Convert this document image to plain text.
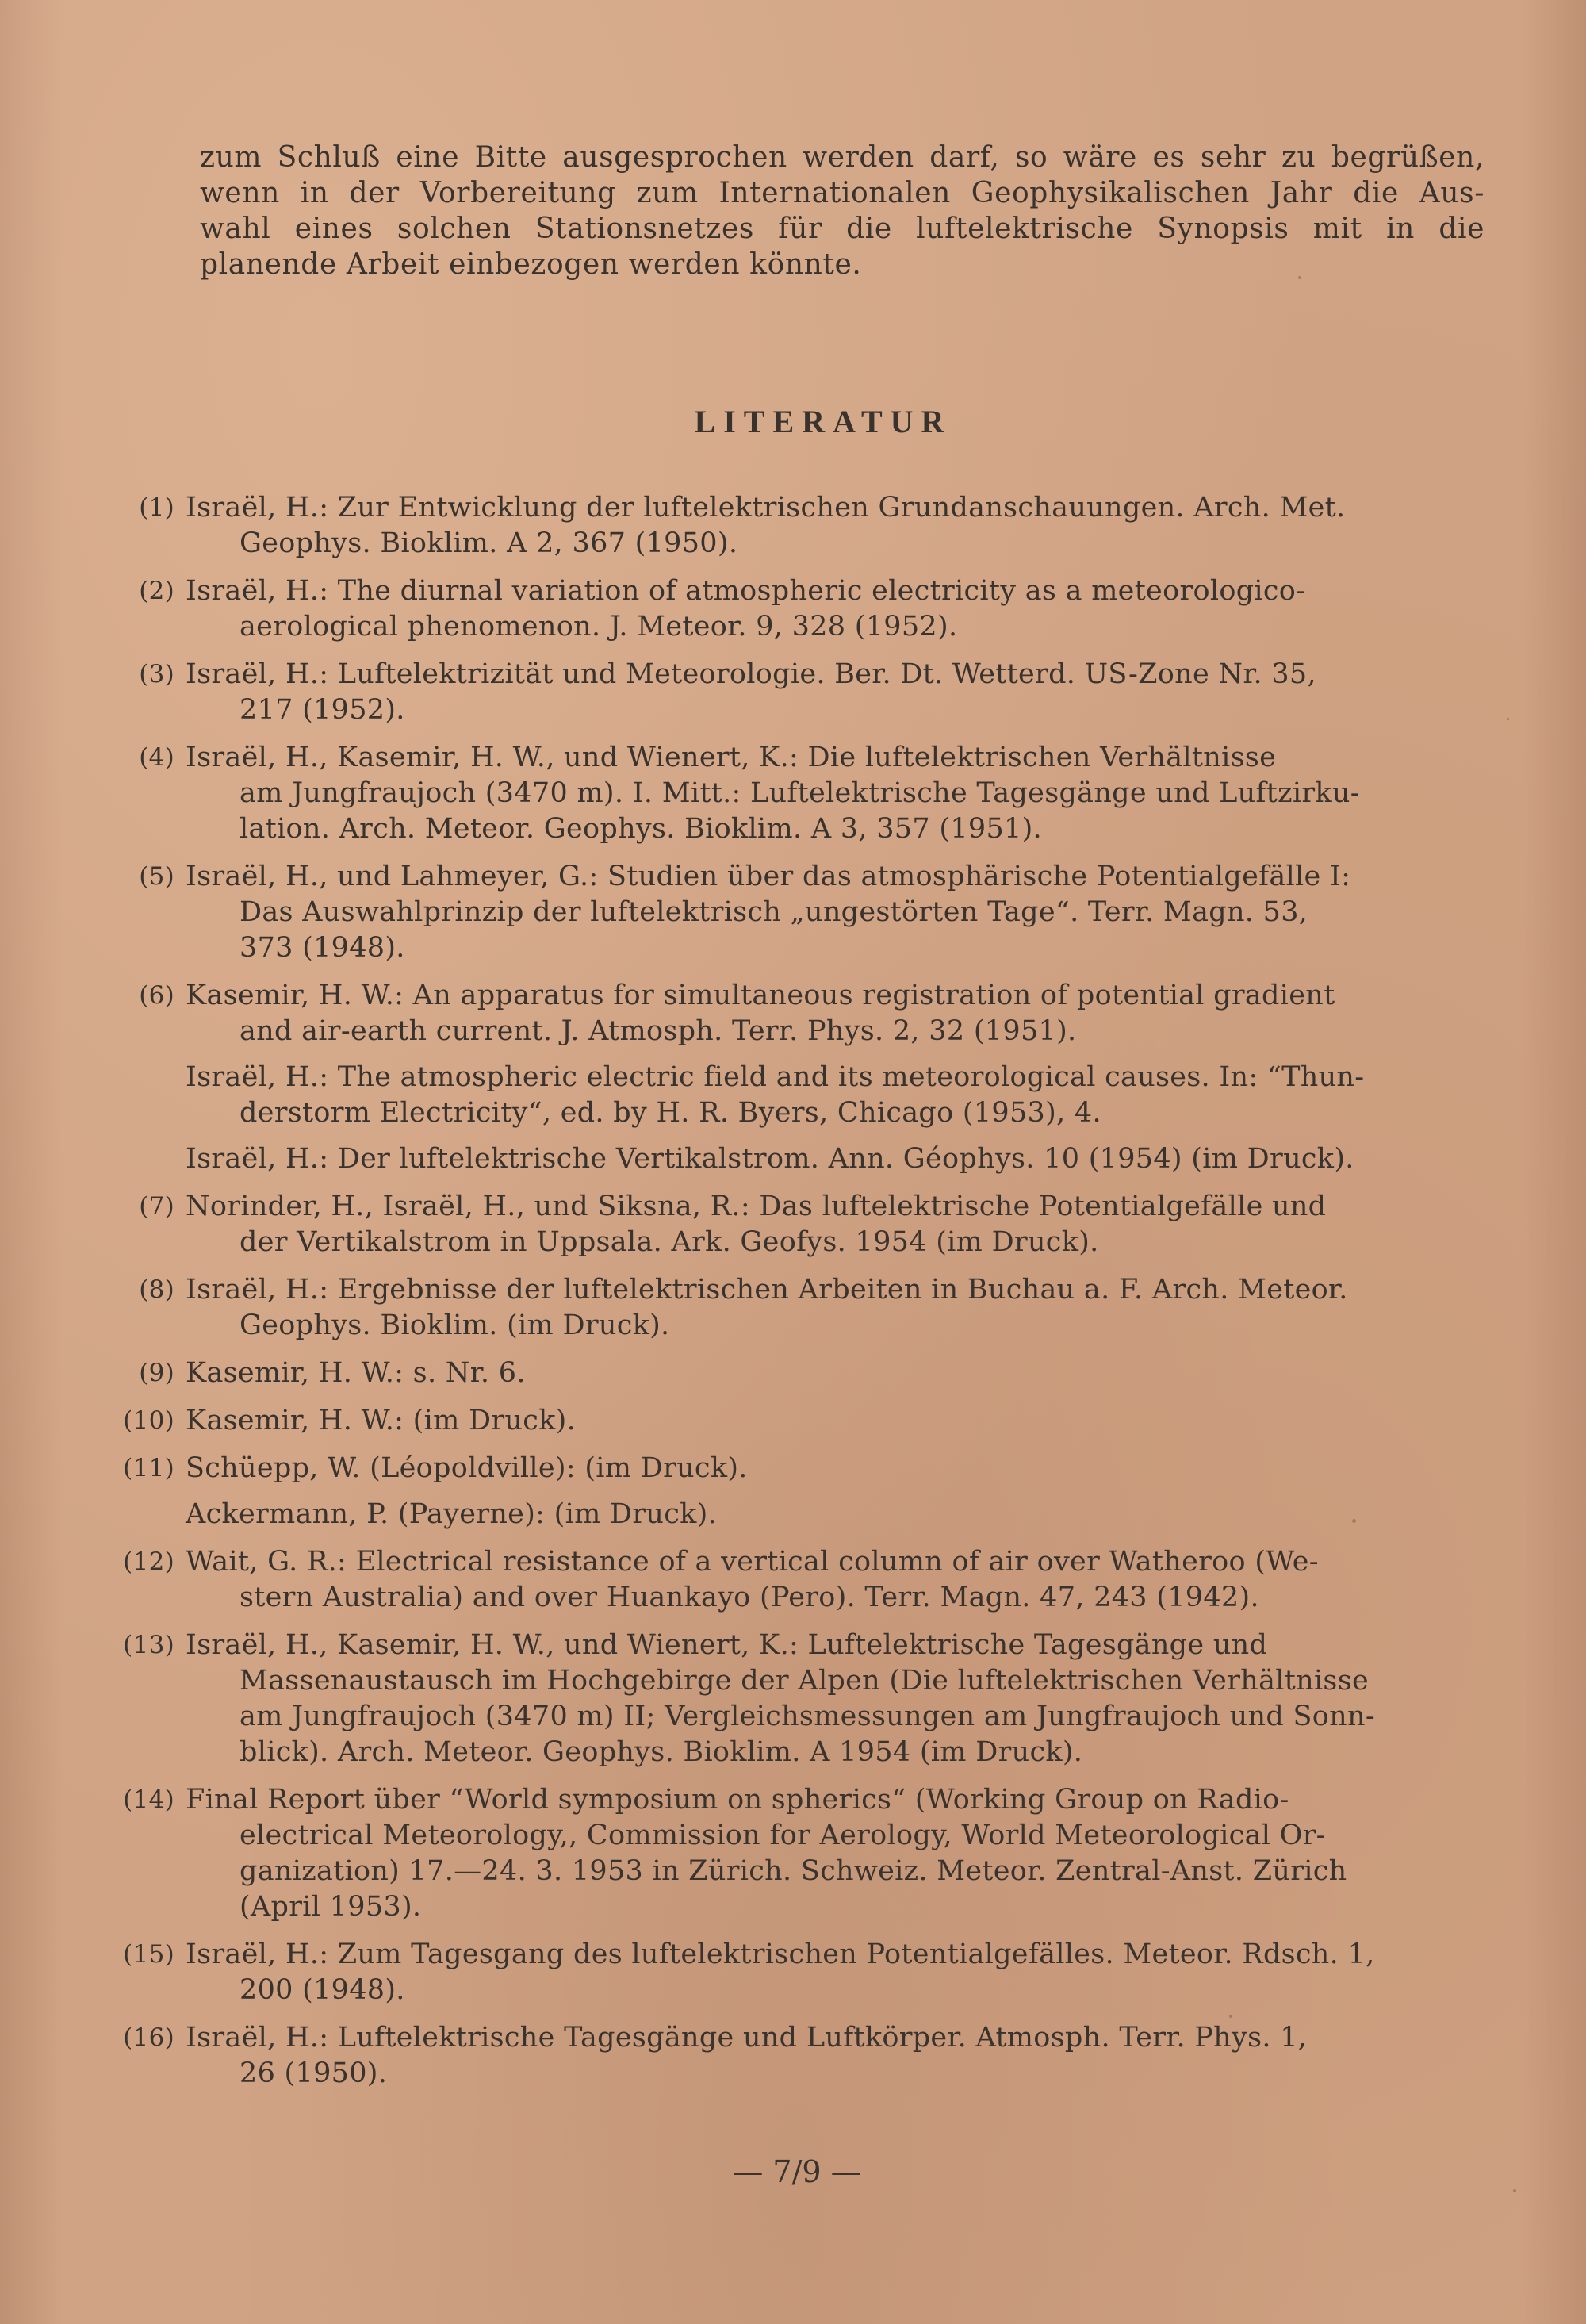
zum Schluß eine Bitte ausgesprochen werden darf, so wäre es sehr zu begrüßen,
wenn in der Vorbereitung zum Internationalen Geophysikalischen Jahr die Aus-
wahl eines solchen Stationsnetzes für die luftelektrische Synopsis mit in die
planende Arbeit einbezogen werden könnte.
LITERATUR
(1) Israël, H.: Zur Entwicklung der luftelektrischen Grundanschauungen. Arch. Met.
Geophys. Bioklim. A 2, 367 (1950).
(2) Israël, H.: The diurnal variation of atmospheric electricity as a meteorologico-
aerological phenomenon. J. Meteor. 9, 328 (1952).
(3) Israël, H.: Luftelektrizität und Meteorologie. Ber. Dt. Wetterd. US-Zone Nr. 35,
217 (1952).
(4) Israël, H., Kasemir, H. W., und Wienert, K.: Die luftelektrischen Verhältnisse
am Jungfraujoch (3470 m). I. Mitt.: Luftelektrische Tagesgänge und Luftzirku-
lation. Arch. Meteor. Geophys. Bioklim. A 3, 357 (1951).
(5) Israël, H., und Lahmeyer, G.: Studien über das atmosphärische Potentialgefälle I:
Das Auswahlprinzip der luftelektrisch „ungestörten Tage“. Terr. Magn. 53,
373 (1948).
(6) Kasemir, H. W.: An apparatus for simultaneous registration of potential gradient
and air-earth current. J. Atmosph. Terr. Phys. 2, 32 (1951).
Israël, H.: The atmospheric electric field and its meteorological causes. In: “Thun-
derstorm Electricity“, ed. by H. R. Byers, Chicago (1953), 4.
Israël, H.: Der luftelektrische Vertikalstrom. Ann. Géophys. 10 (1954) (im Druck).
(7) Norinder, H., Israël, H., und Siksna, R.: Das luftelektrische Potentialgefälle und
der Vertikalstrom in Uppsala. Ark. Geofys. 1954 (im Druck).
(8) Israël, H.: Ergebnisse der luftelektrischen Arbeiten in Buchau a. F. Arch. Meteor.
Geophys. Bioklim. (im Druck).
(9) Kasemir, H. W.: s. Nr. 6.
(10) Kasemir, H. W.: (im Druck).
(11) Schüepp, W. (Léopoldville): (im Druck).
Ackermann, P. (Payerne): (im Druck).
(12) Wait, G. R.: Electrical resistance of a vertical column of air over Watheroo (We-
stern Australia) and over Huankayo (Pero). Terr. Magn. 47, 243 (1942).
(13) Israël, H., Kasemir, H. W., und Wienert, K.: Luftelektrische Tagesgänge und
Massenaustausch im Hochgebirge der Alpen (Die luftelektrischen Verhältnisse
am Jungfraujoch (3470 m) II; Vergleichsmessungen am Jungfraujoch und Sonn-
blick). Arch. Meteor. Geophys. Bioklim. A 1954 (im Druck).
(14) Final Report über “World symposium on spherics“ (Working Group on Radio-
electrical Meteorology,, Commission for Aerology, World Meteorological Or-
ganization) 17.—24. 3. 1953 in Zürich. Schweiz. Meteor. Zentral-Anst. Zürich
(April 1953).
(15) Israël, H.: Zum Tagesgang des luftelektrischen Potentialgefälles. Meteor. Rdsch. 1,
200 (1948).
(16) Israël, H.: Luftelektrische Tagesgänge und Luftkörper. Atmosph. Terr. Phys. 1,
26 (1950).
— 7/9 —
